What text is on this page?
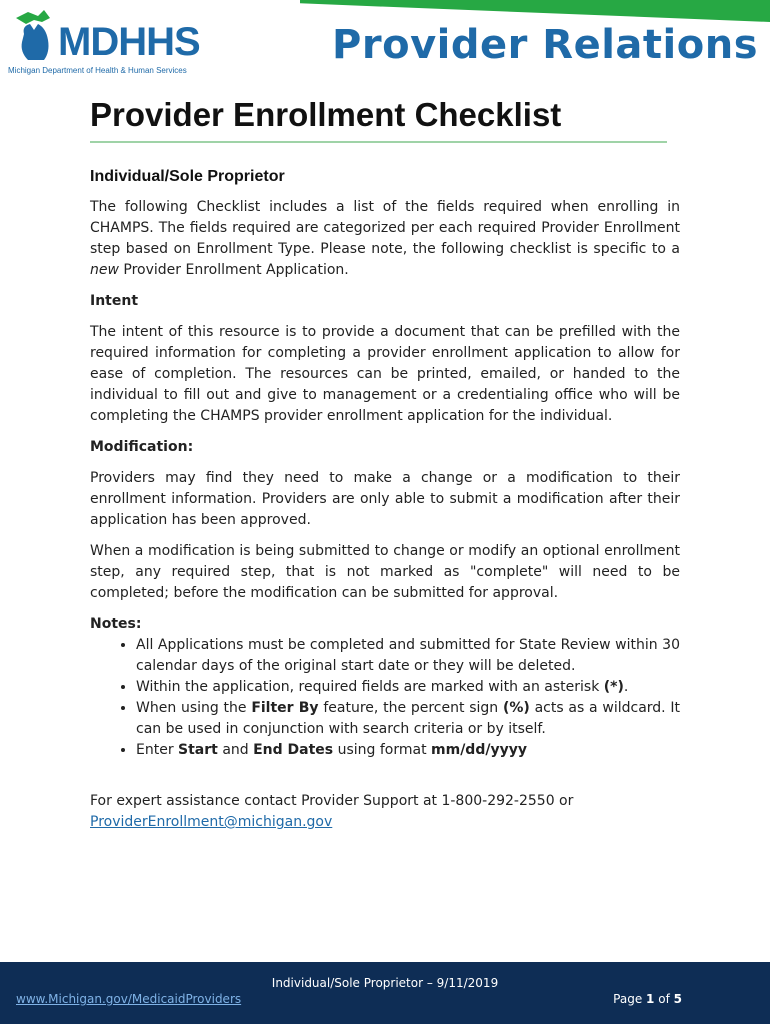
MDHHS
Michigan Department of Health & Human Services
Provider Relations
Provider Enrollment Checklist
Individual/Sole Proprietor

The following Checklist includes a list of the fields required when enrolling in CHAMPS. The fields required are categorized per each required Provider Enrollment step based on Enrollment Type. Please note, the following checklist is specific to a new Provider Enrollment Application.

Intent

The intent of this resource is to provide a document that can be prefilled with the required information for completing a provider enrollment application to allow for ease of completion. The resources can be printed, emailed, or handed to the individual to fill out and give to management or a credentialing office who will be completing the CHAMPS provider enrollment application for the individual.

Modification:

Providers may find they need to make a change or a modification to their enrollment information. Providers are only able to submit a modification after their application has been approved.

When a modification is being submitted to change or modify an optional enrollment step, any required step, that is not marked as "complete" will need to be completed; before the modification can be submitted for approval.

Notes:
• All Applications must be completed and submitted for State Review within 30 calendar days of the original start date or they will be deleted.
• Within the application, required fields are marked with an asterisk (*).
• When using the Filter By feature, the percent sign (%) acts as a wildcard. It can be used in conjunction with search criteria or by itself.
• Enter Start and End Dates using format mm/dd/yyyy
For expert assistance contact Provider Support at 1-800-292-2550 or
ProviderEnrollment@michigan.gov
Individual/Sole Proprietor – 9/11/2019
www.Michigan.gov/MedicaidProviders	Page 1 of 5
